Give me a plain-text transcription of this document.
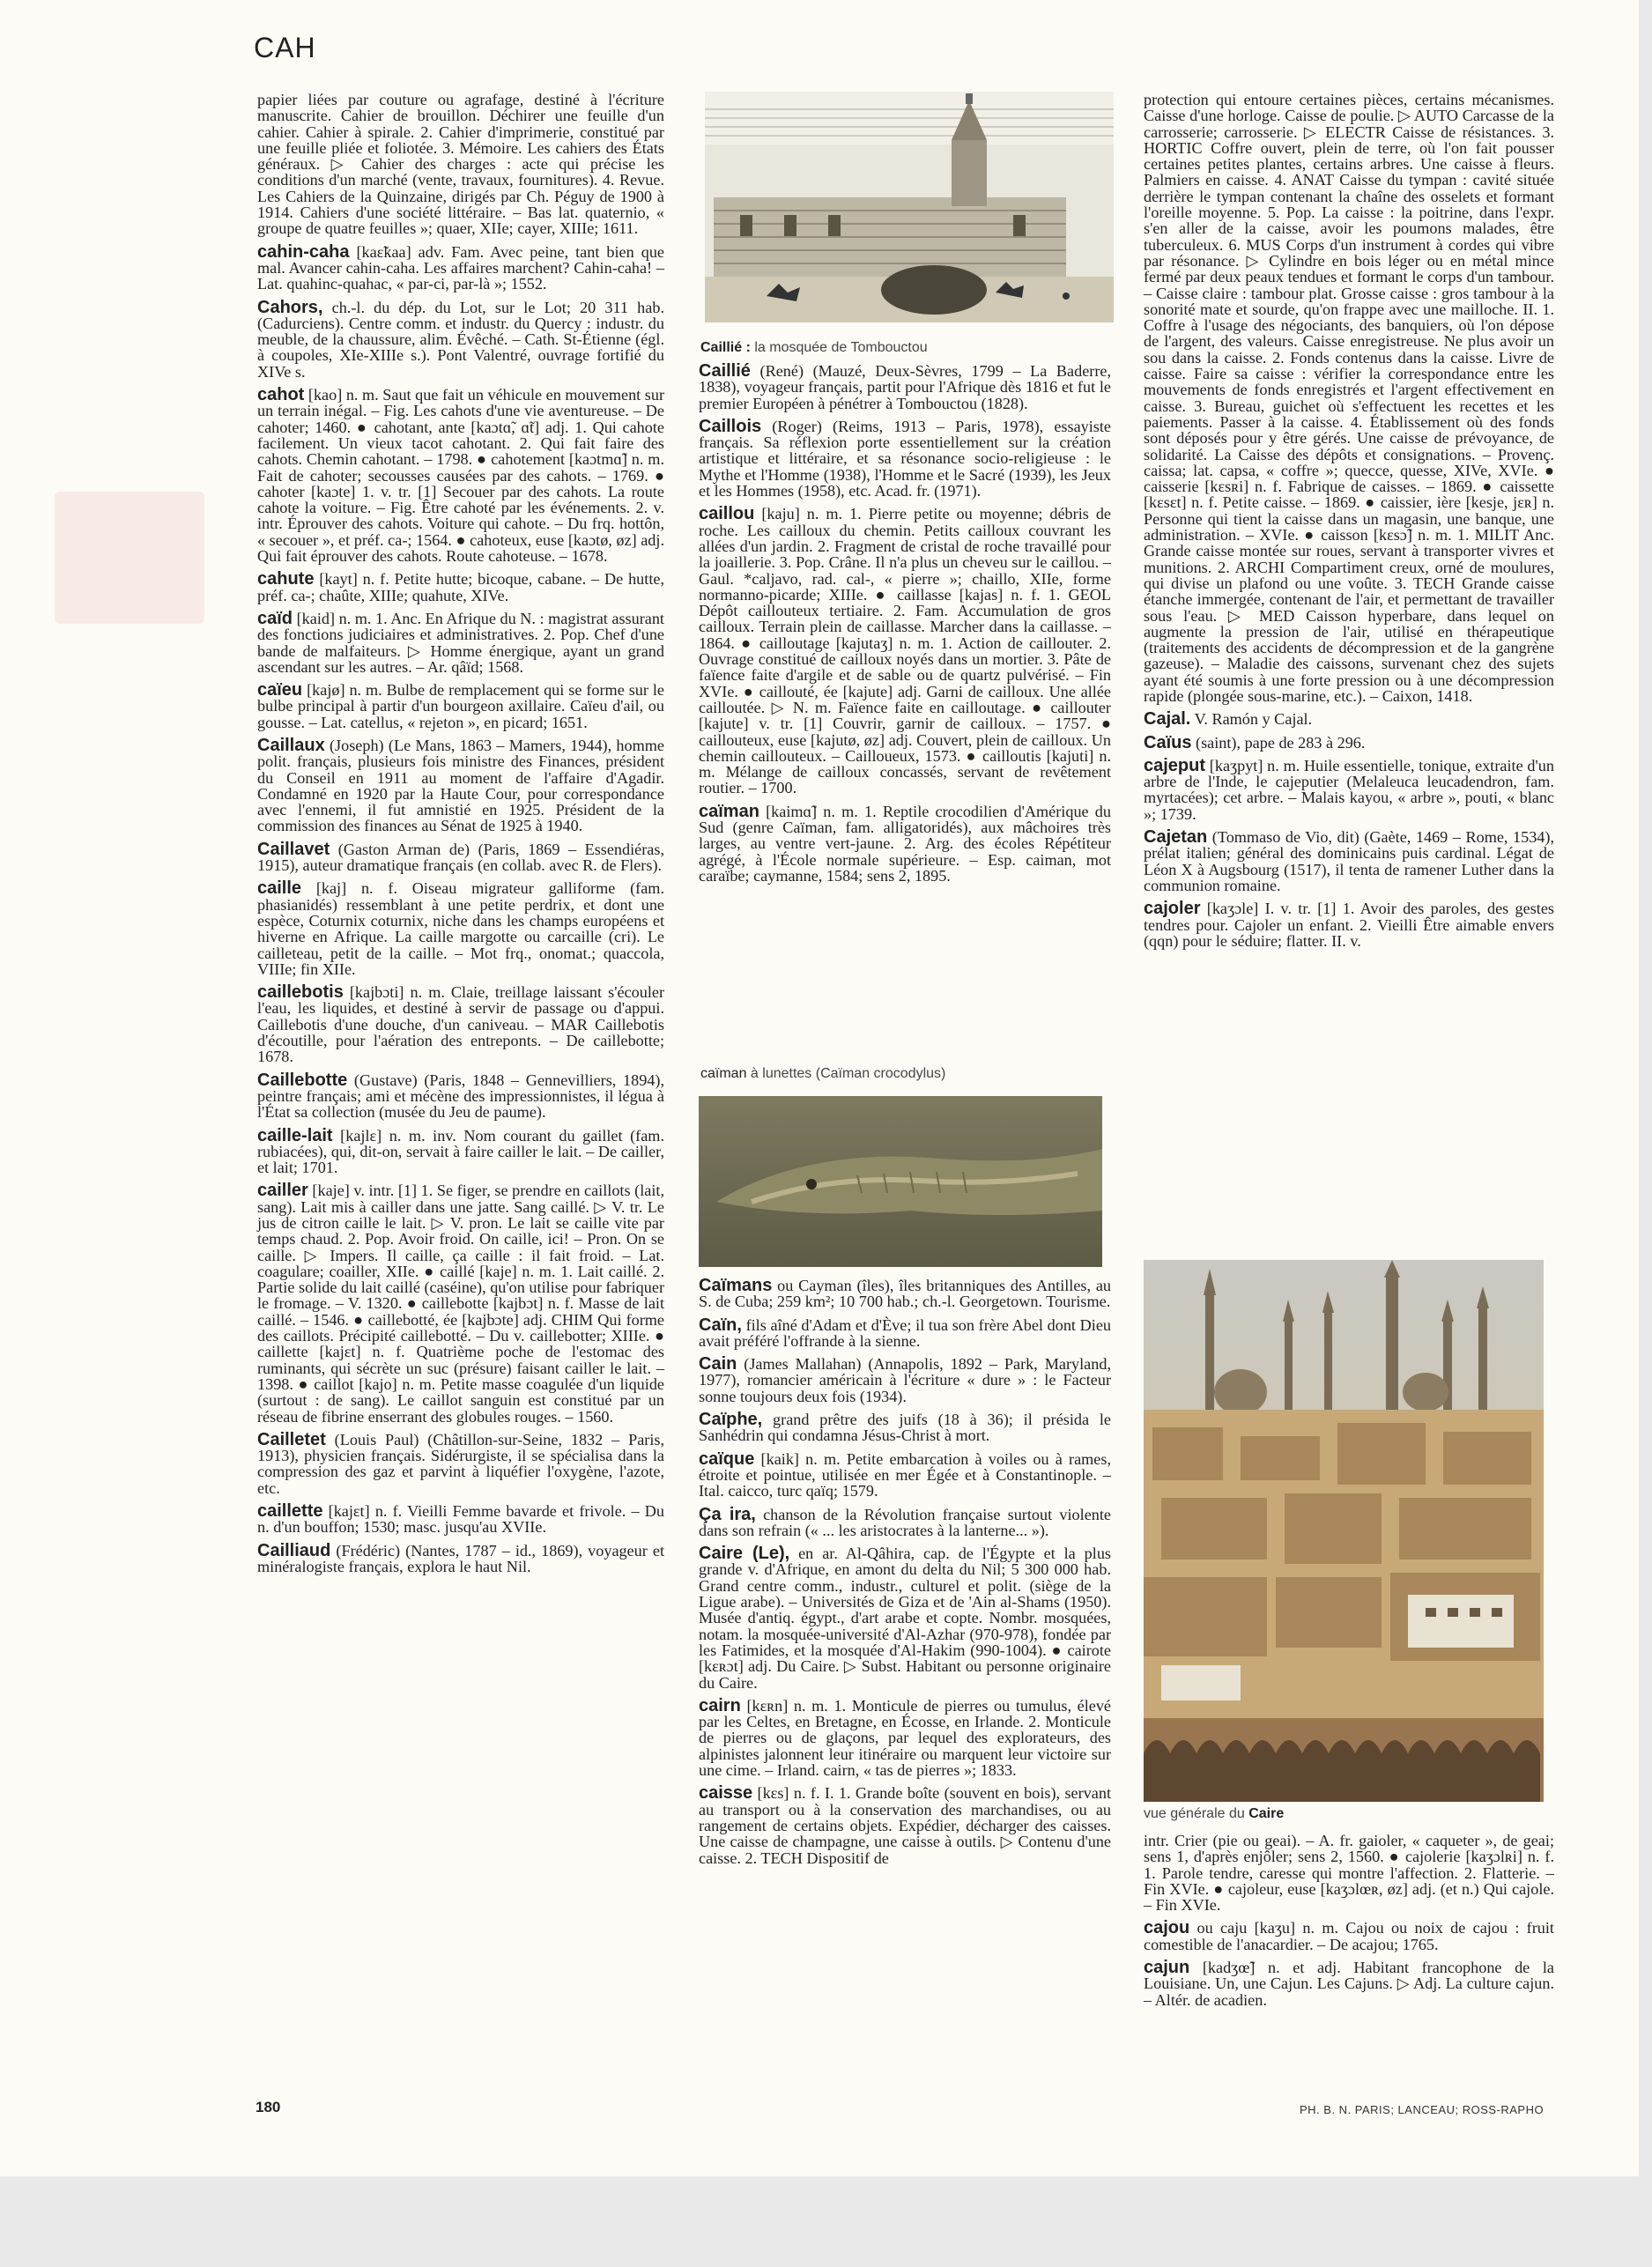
CAH

papier liées par couture ou agrafage, destiné à l'écriture manuscrite. Cahier de brouillon. Déchirer une feuille d'un cahier. Cahier à spirale. 2. Cahier d'imprimerie, constitué par une feuille pliée et foliotée. 3. Mémoire. Les cahiers des États généraux. ▷ Cahier des charges : acte qui précise les conditions d'un marché (vente, travaux, fournitures). 4. Revue. Les Cahiers de la Quinzaine, dirigés par Ch. Péguy de 1900 à 1914. Cahiers d'une société littéraire. – Bas lat. quaternio, « groupe de quatre feuilles »; quaer, XIIe; cayer, XIIIe; 1611.

cahin-caha [kaɛ̃kaa] adv. Fam. Avec peine, tant bien que mal. Avancer cahin-caha. Les affaires marchent? Cahin-caha! – Lat. quahinc-quahac, « par-ci, par-là »; 1552.

Cahors, ch.-l. du dép. du Lot, sur le Lot; 20 311 hab. (Cadurciens). Centre comm. et industr. du Quercy : industr. du meuble, de la chaussure, alim. Évêché. – Cath. St-Étienne (égl. à coupoles, XIe-XIIIe s.). Pont Valentré, ouvrage fortifié du XIVe s.

cahot [kao] n. m. Saut que fait un véhicule en mouvement sur un terrain inégal. – Fig. Les cahots d'une vie aventureuse. – De cahoter; 1460. ● cahotant, ante [kaɔtɑ̃, ɑ̃t] adj. 1. Qui cahote facilement. Un vieux tacot cahotant. 2. Qui fait faire des cahots. Chemin cahotant. – 1798. ● cahotement [kaɔtmɑ̃] n. m. Fait de cahoter; secousses causées par des cahots. – 1769. ● cahoter [kaɔte] 1. v. tr. [1] Secouer par des cahots. La route cahote la voiture. – Fig. Être cahoté par les événements. 2. v. intr. Éprouver des cahots. Voiture qui cahote. – Du frq. hottôn, « secouer », et préf. ca-; 1564. ● cahoteux, euse [kaɔtø, øz] adj. Qui fait éprouver des cahots. Route cahoteuse. – 1678.

cahute [kayt] n. f. Petite hutte; bicoque, cabane. – De hutte, préf. ca-; chaûte, XIIIe; quahute, XIVe.

caïd [kaid] n. m. 1. Anc. En Afrique du N. : magistrat assurant des fonctions judiciaires et administratives. 2. Pop. Chef d'une bande de malfaiteurs. ▷ Homme énergique, ayant un grand ascendant sur les autres. – Ar. qâïd; 1568.

caïeu [kajø] n. m. Bulbe de remplacement qui se forme sur le bulbe principal à partir d'un bourgeon axillaire. Caïeu d'ail, ou gousse. – Lat. catellus, « rejeton », en picard; 1651.

Caillaux (Joseph) (Le Mans, 1863 – Mamers, 1944), homme polit. français, plusieurs fois ministre des Finances, président du Conseil en 1911 au moment de l'affaire d'Agadir. Condamné en 1920 par la Haute Cour, pour correspondance avec l'ennemi, il fut amnistié en 1925. Président de la commission des finances au Sénat de 1925 à 1940.

Caillavet (Gaston Arman de) (Paris, 1869 – Essendiéras, 1915), auteur dramatique français (en collab. avec R. de Flers).

caille [kaj] n. f. Oiseau migrateur galliforme (fam. phasianidés) ressemblant à une petite perdrix, et dont une espèce, Coturnix coturnix, niche dans les champs européens et hiverne en Afrique. La caille margotte ou carcaille (cri). Le cailleteau, petit de la caille. – Mot frq., onomat.; quaccola, VIIIe; fin XIIe.

caillebotis [kajbɔti] n. m. Claie, treillage laissant s'écouler l'eau, les liquides, et destiné à servir de passage ou d'appui. Caillebotis d'une douche, d'un caniveau. – MAR Caillebotis d'écoutille, pour l'aération des entreponts. – De caillebotte; 1678.

Caillebotte (Gustave) (Paris, 1848 – Gennevilliers, 1894), peintre français; ami et mécène des impressionnistes, il légua à l'État sa collection (musée du Jeu de paume).

caille-lait [kajlɛ] n. m. inv. Nom courant du gaillet (fam. rubiacées), qui, dit-on, servait à faire cailler le lait. – De cailler, et lait; 1701.

cailler [kaje] v. intr. [1] 1. Se figer, se prendre en caillots (lait, sang). Lait mis à cailler dans une jatte. Sang caillé. ▷ V. tr. Le jus de citron caille le lait. ▷ V. pron. Le lait se caille vite par temps chaud. 2. Pop. Avoir froid. On caille, ici! – Pron. On se caille. ▷ Impers. Il caille, ça caille : il fait froid. – Lat. coagulare; coailler, XIIe. ● caillé [kaje] n. m. 1. Lait caillé. 2. Partie solide du lait caillé (caséine), qu'on utilise pour fabriquer le fromage. – V. 1320. ● caillebotte [kajbɔt] n. f. Masse de lait caillé. – 1546. ● caillebotté, ée [kajbɔte] adj. CHIM Qui forme des caillots. Précipité caillebotté. – Du v. caillebotter; XIIIe. ● caillette [kajɛt] n. f. Quatrième poche de l'estomac des ruminants, qui sécrète un suc (présure) faisant cailler le lait. – 1398. ● caillot [kajo] n. m. Petite masse coagulée d'un liquide (surtout : de sang). Le caillot sanguin est constitué par un réseau de fibrine enserrant des globules rouges. – 1560.

Cailletet (Louis Paul) (Châtillon-sur-Seine, 1832 – Paris, 1913), physicien français. Sidérurgiste, il se spécialisa dans la compression des gaz et parvint à liquéfier l'oxygène, l'azote, etc.

caillette [kajɛt] n. f. Vieilli Femme bavarde et frivole. – Du n. d'un bouffon; 1530; masc. jusqu'au XVIIe.

Cailliaud (Frédéric) (Nantes, 1787 – id., 1869), voyageur et minéralogiste français, explora le haut Nil.

Caillié : la mosquée de Tombouctou

Caillié (René) (Mauzé, Deux-Sèvres, 1799 – La Baderre, 1838), voyageur français, partit pour l'Afrique dès 1816 et fut le premier Européen à pénétrer à Tombouctou (1828).

Caillois (Roger) (Reims, 1913 – Paris, 1978), essayiste français. Sa réflexion porte essentiellement sur la création artistique et littéraire, et sa résonance socio-religieuse : le Mythe et l'Homme (1938), l'Homme et le Sacré (1939), les Jeux et les Hommes (1958), etc. Acad. fr. (1971).

caillou [kaju] n. m. 1. Pierre petite ou moyenne; débris de roche. Les cailloux du chemin. Petits cailloux couvrant les allées d'un jardin. 2. Fragment de cristal de roche travaillé pour la joaillerie. 3. Pop. Crâne. Il n'a plus un cheveu sur le caillou. – Gaul. *caljavo, rad. cal-, « pierre »; chaillo, XIIe, forme normanno-picarde; XIIIe. ● caillasse [kajas] n. f. 1. GEOL Dépôt caillouteux tertiaire. 2. Fam. Accumulation de gros cailloux. Terrain plein de caillasse. Marcher dans la caillasse. – 1864. ● cailloutage [kajutaʒ] n. m. 1. Action de caillouter. 2. Ouvrage constitué de cailloux noyés dans un mortier. 3. Pâte de faïence faite d'argile et de sable ou de quartz pulvérisé. – Fin XVIe. ● caillouté, ée [kajute] adj. Garni de cailloux. Une allée cailloutée. ▷ N. m. Faïence faite en cailloutage. ● caillouter [kajute] v. tr. [1] Couvrir, garnir de cailloux. – 1757. ● caillouteux, euse [kajutø, øz] adj. Couvert, plein de cailloux. Un chemin caillouteux. – Cailloueux, 1573. ● cailloutis [kajuti] n. m. Mélange de cailloux concassés, servant de revêtement routier. – 1700.

caïman [kaimɑ̃] n. m. 1. Reptile crocodilien d'Amérique du Sud (genre Caïman, fam. alligatoridés), aux mâchoires très larges, au ventre vert-jaune. 2. Arg. des écoles Répétiteur agrégé, à l'École normale supérieure. – Esp. caiman, mot caraïbe; caymanne, 1584; sens 2, 1895.

caïman à lunettes (Caïman crocodylus)

Caïmans ou Cayman (îles), îles britanniques des Antilles, au S. de Cuba; 259 km²; 10 700 hab.; ch.-l. Georgetown. Tourisme.

Caïn, fils aîné d'Adam et d'Ève; il tua son frère Abel dont Dieu avait préféré l'offrande à la sienne.

Cain (James Mallahan) (Annapolis, 1892 – Park, Maryland, 1977), romancier américain à l'écriture « dure » : le Facteur sonne toujours deux fois (1934).

Caïphe, grand prêtre des juifs (18 à 36); il présida le Sanhédrin qui condamna Jésus-Christ à mort.

caïque [kaik] n. m. Petite embarcation à voiles ou à rames, étroite et pointue, utilisée en mer Égée et à Constantinople. – Ital. caicco, turc qaïq; 1579.

Ça ira, chanson de la Révolution française surtout violente dans son refrain (« ... les aristocrates à la lanterne... »).

Caire (Le), en ar. Al-Qâhira, cap. de l'Égypte et la plus grande v. d'Afrique, en amont du delta du Nil; 5 300 000 hab. Grand centre comm., industr., culturel et polit. (siège de la Ligue arabe). – Universités de Giza et de 'Ain al-Shams (1950). Musée d'antiq. égypt., d'art arabe et copte. Nombr. mosquées, notam. la mosquée-université d'Al-Azhar (970-978), fondée par les Fatimides, et la mosquée d'Al-Hakim (990-1004). ● cairote [kɛʀɔt] adj. Du Caire. ▷ Subst. Habitant ou personne originaire du Caire.

cairn [kɛʀn] n. m. 1. Monticule de pierres ou tumulus, élevé par les Celtes, en Bretagne, en Écosse, en Irlande. 2. Monticule de pierres ou de glaçons, par lequel des explorateurs, des alpinistes jalonnent leur itinéraire ou marquent leur victoire sur une cime. – Irland. cairn, « tas de pierres »; 1833.

caisse [kɛs] n. f. I. 1. Grande boîte (souvent en bois), servant au transport ou à la conservation des marchandises, ou au rangement de certains objets. Expédier, décharger des caisses. Une caisse de champagne, une caisse à outils. ▷ Contenu d'une caisse. 2. TECH Dispositif de

protection qui entoure certaines pièces, certains mécanismes. Caisse d'une horloge. Caisse de poulie. ▷ AUTO Carcasse de la carrosserie; carrosserie. ▷ ELECTR Caisse de résistances. 3. HORTIC Coffre ouvert, plein de terre, où l'on fait pousser certaines petites plantes, certains arbres. Une caisse à fleurs. Palmiers en caisse. 4. ANAT Caisse du tympan : cavité située derrière le tympan contenant la chaîne des osselets et formant l'oreille moyenne. 5. Pop. La caisse : la poitrine, dans l'expr. s'en aller de la caisse, avoir les poumons malades, être tuberculeux. 6. MUS Corps d'un instrument à cordes qui vibre par résonance. ▷ Cylindre en bois léger ou en métal mince fermé par deux peaux tendues et formant le corps d'un tambour. – Caisse claire : tambour plat. Grosse caisse : gros tambour à la sonorité mate et sourde, qu'on frappe avec une mailloche. II. 1. Coffre à l'usage des négociants, des banquiers, où l'on dépose de l'argent, des valeurs. Caisse enregistreuse. Ne plus avoir un sou dans la caisse. 2. Fonds contenus dans la caisse. Livre de caisse. Faire sa caisse : vérifier la correspondance entre les mouvements de fonds enregistrés et l'argent effectivement en caisse. 3. Bureau, guichet où s'effectuent les recettes et les paiements. Passer à la caisse. 4. Établissement où des fonds sont déposés pour y être gérés. Une caisse de prévoyance, de solidarité. La Caisse des dépôts et consignations. – Provenç. caissa; lat. capsa, « coffre »; quecce, quesse, XIVe, XVIe. ● caisserie [kɛsʀi] n. f. Fabrique de caisses. – 1869. ● caissette [kɛsɛt] n. f. Petite caisse. – 1869. ● caissier, ière [kesje, jɛʀ] n. Personne qui tient la caisse dans un magasin, une banque, une administration. – XVIe. ● caisson [kɛsɔ̃] n. m. 1. MILIT Anc. Grande caisse montée sur roues, servant à transporter vivres et munitions. 2. ARCHI Compartiment creux, orné de moulures, qui divise un plafond ou une voûte. 3. TECH Grande caisse étanche immergée, contenant de l'air, et permettant de travailler sous l'eau. ▷ MED Caisson hyperbare, dans lequel on augmente la pression de l'air, utilisé en thérapeutique (traitements des accidents de décompression et de la gangrène gazeuse). – Maladie des caissons, survenant chez des sujets ayant été soumis à une forte pression ou à une décompression rapide (plongée sous-marine, etc.). – Caixon, 1418.

Cajal. V. Ramón y Cajal.

Caïus (saint), pape de 283 à 296.

cajeput [kaʒpyt] n. m. Huile essentielle, tonique, extraite d'un arbre de l'Inde, le cajeputier (Melaleuca leucadendron, fam. myrtacées); cet arbre. – Malais kayou, « arbre », pouti, « blanc »; 1739.

Cajetan (Tommaso de Vio, dit) (Gaète, 1469 – Rome, 1534), prélat italien; général des dominicains puis cardinal. Légat de Léon X à Augsbourg (1517), il tenta de ramener Luther dans la communion romaine.

cajoler [kaʒɔle] I. v. tr. [1] 1. Avoir des paroles, des gestes tendres pour. Cajoler un enfant. 2. Vieilli Être aimable envers (qqn) pour le séduire; flatter. II. v.

vue générale du Caire

intr. Crier (pie ou geai). – A. fr. gaioler, « caqueter », de geai; sens 1, d'après enjôler; sens 2, 1560. ● cajolerie [kaʒɔlʀi] n. f. 1. Parole tendre, caresse qui montre l'affection. 2. Flatterie. – Fin XVIe. ● cajoleur, euse [kaʒɔlœʀ, øz] adj. (et n.) Qui cajole. – Fin XVIe.

cajou ou caju [kaʒu] n. m. Cajou ou noix de cajou : fruit comestible de l'anacardier. – De acajou; 1765.

cajun [kadʒœ̃] n. et adj. Habitant francophone de la Louisiane. Un, une Cajun. Les Cajuns. ▷ Adj. La culture cajun. – Altér. de acadien.

180	PH. B. N. PARIS; LANCEAU; ROSS-RAPHO
